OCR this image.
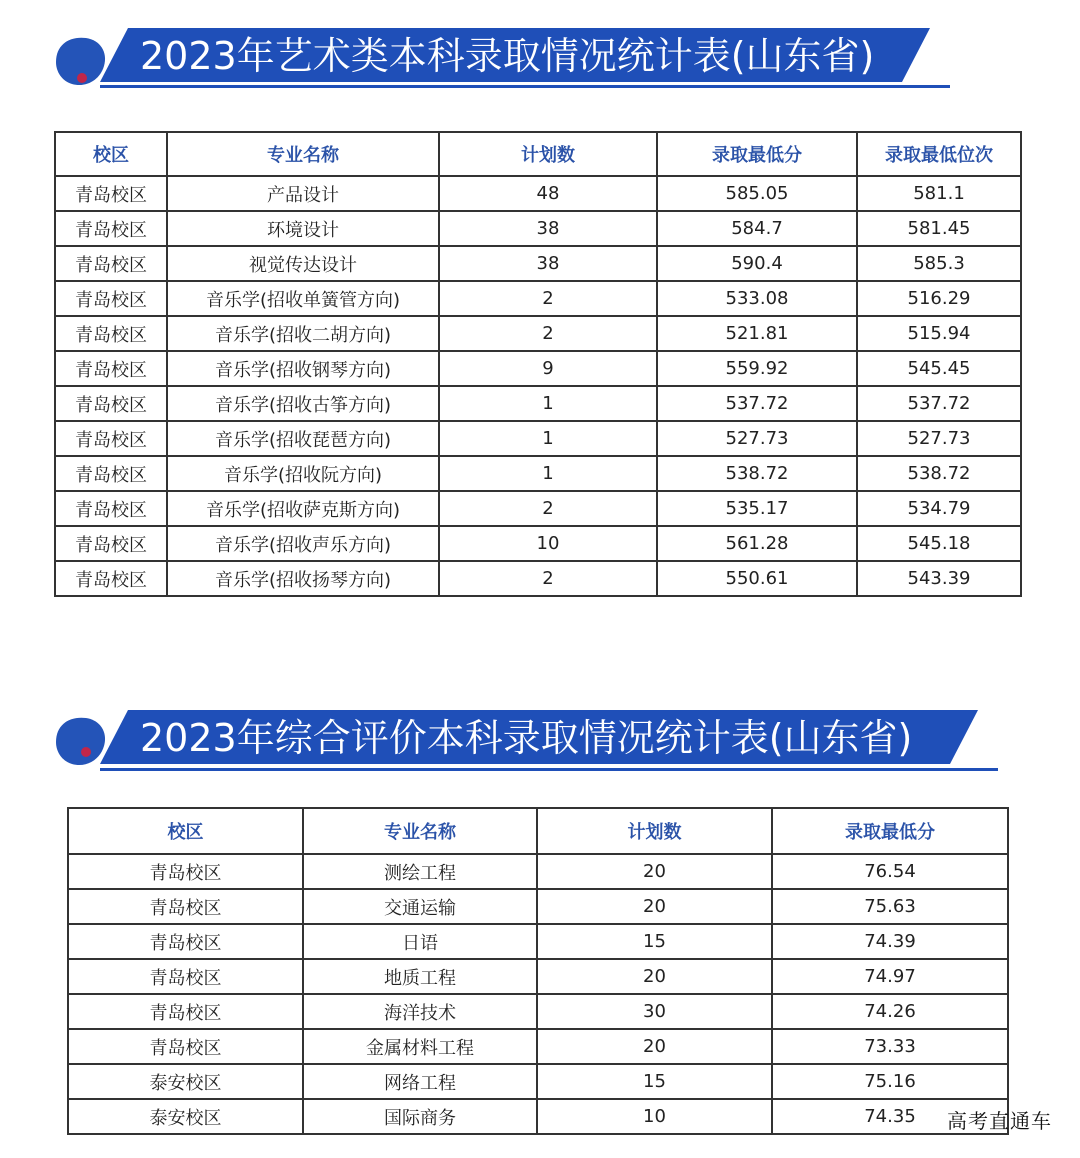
2023年艺术类本科录取情况统计表(山东省)
校区	专业名称	计划数	录取最低分	录取最低位次
青岛校区	产品设计	48	585.05	581.1
青岛校区	环境设计	38	584.7	581.45
青岛校区	视觉传达设计	38	590.4	585.3
青岛校区	音乐学(招收单簧管方向)	2	533.08	516.29
青岛校区	音乐学(招收二胡方向)	2	521.81	515.94
青岛校区	音乐学(招收钢琴方向)	9	559.92	545.45
青岛校区	音乐学(招收古筝方向)	1	537.72	537.72
青岛校区	音乐学(招收琵琶方向)	1	527.73	527.73
青岛校区	音乐学(招收阮方向)	1	538.72	538.72
青岛校区	音乐学(招收萨克斯方向)	2	535.17	534.79
青岛校区	音乐学(招收声乐方向)	10	561.28	545.18
青岛校区	音乐学(招收扬琴方向)	2	550.61	543.39
2023年综合评价本科录取情况统计表(山东省)
校区	专业名称	计划数	录取最低分
青岛校区	测绘工程	20	76.54
青岛校区	交通运输	20	75.63
青岛校区	日语	15	74.39
青岛校区	地质工程	20	74.97
青岛校区	海洋技术	30	74.26
青岛校区	金属材料工程	20	73.33
泰安校区	网络工程	15	75.16
泰安校区	国际商务	10	74.35 高考直通车
